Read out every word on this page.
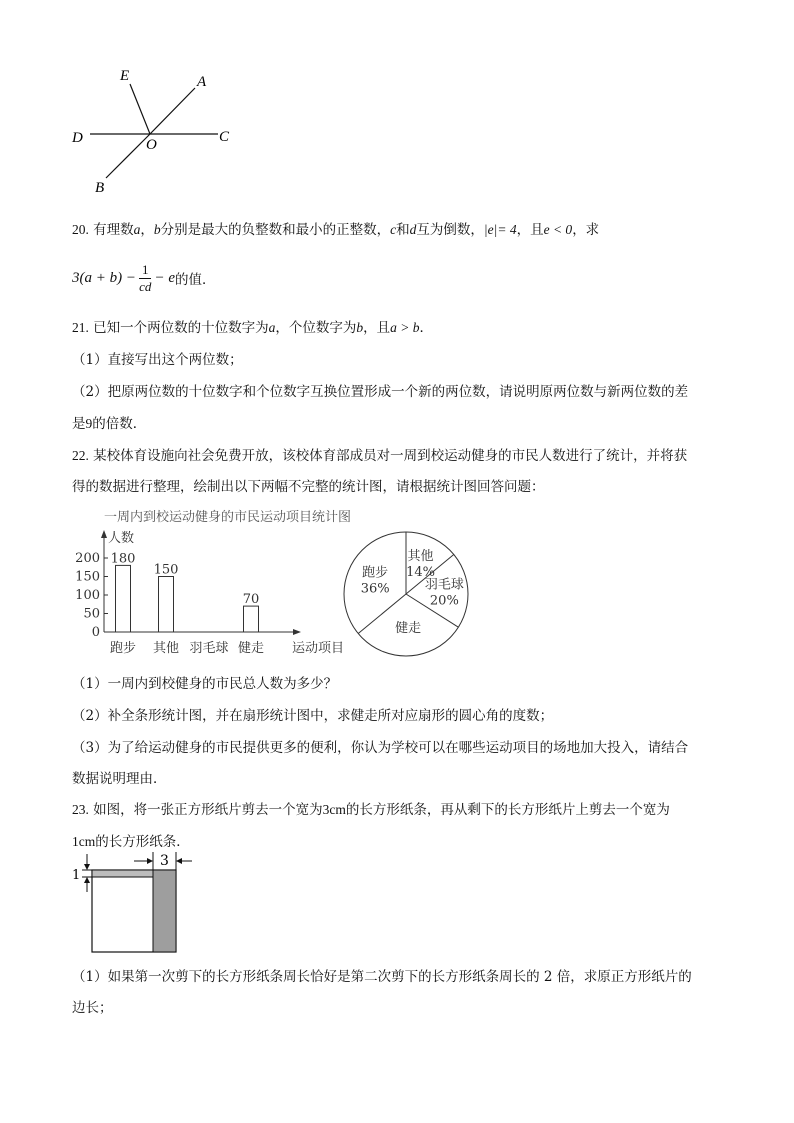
E	A
D	O	C
B
20. 有理数a，b分别是最大的负整数和最小的正整数，c和d互为倒数，|e|= 4，且e < 0，求
$3(a + b) - \frac{1}{cd} - e$ 的值．
21. 已知一个两位数的十位数字为a，个位数字为b，且a > b．
（1）直接写出这个两位数；
（2）把原两位数的十位数字和个位数字互换位置形成一个新的两位数，请说明原两位数与新两位数的差
是9的倍数．
22. 某校体育设施向社会免费开放，该校体育部成员对一周到校运动健身的市民人数进行了统计，并将获
得的数据进行整理，绘制出以下两幅不完整的统计图，请根据统计图回答问题：
一周内到校运动健身的市民运动项目统计图
人数
运动项目
0
50
100
150
200
跑步
180
其他
150
羽毛球 健走
70
其他
14%
羽毛球
20%
健走
跑步
36%
（1）一周内到校健身的市民总人数为多少？
（2）补全条形统计图，并在扇形统计图中，求健走所对应扇形的圆心角的度数；
（3）为了给运动健身的市民提供更多的便利，你认为学校可以在哪些运动项目的场地加大投入，请结合
数据说明理由．
23. 如图，将一张正方形纸片剪去一个宽为3cm的长方形纸条，再从剩下的长方形纸片上剪去一个宽为
1cm的长方形纸条．
3
1
（1）如果第一次剪下的长方形纸条周长恰好是第二次剪下的长方形纸条周长的 2 倍，求原正方形纸片的
边长；
